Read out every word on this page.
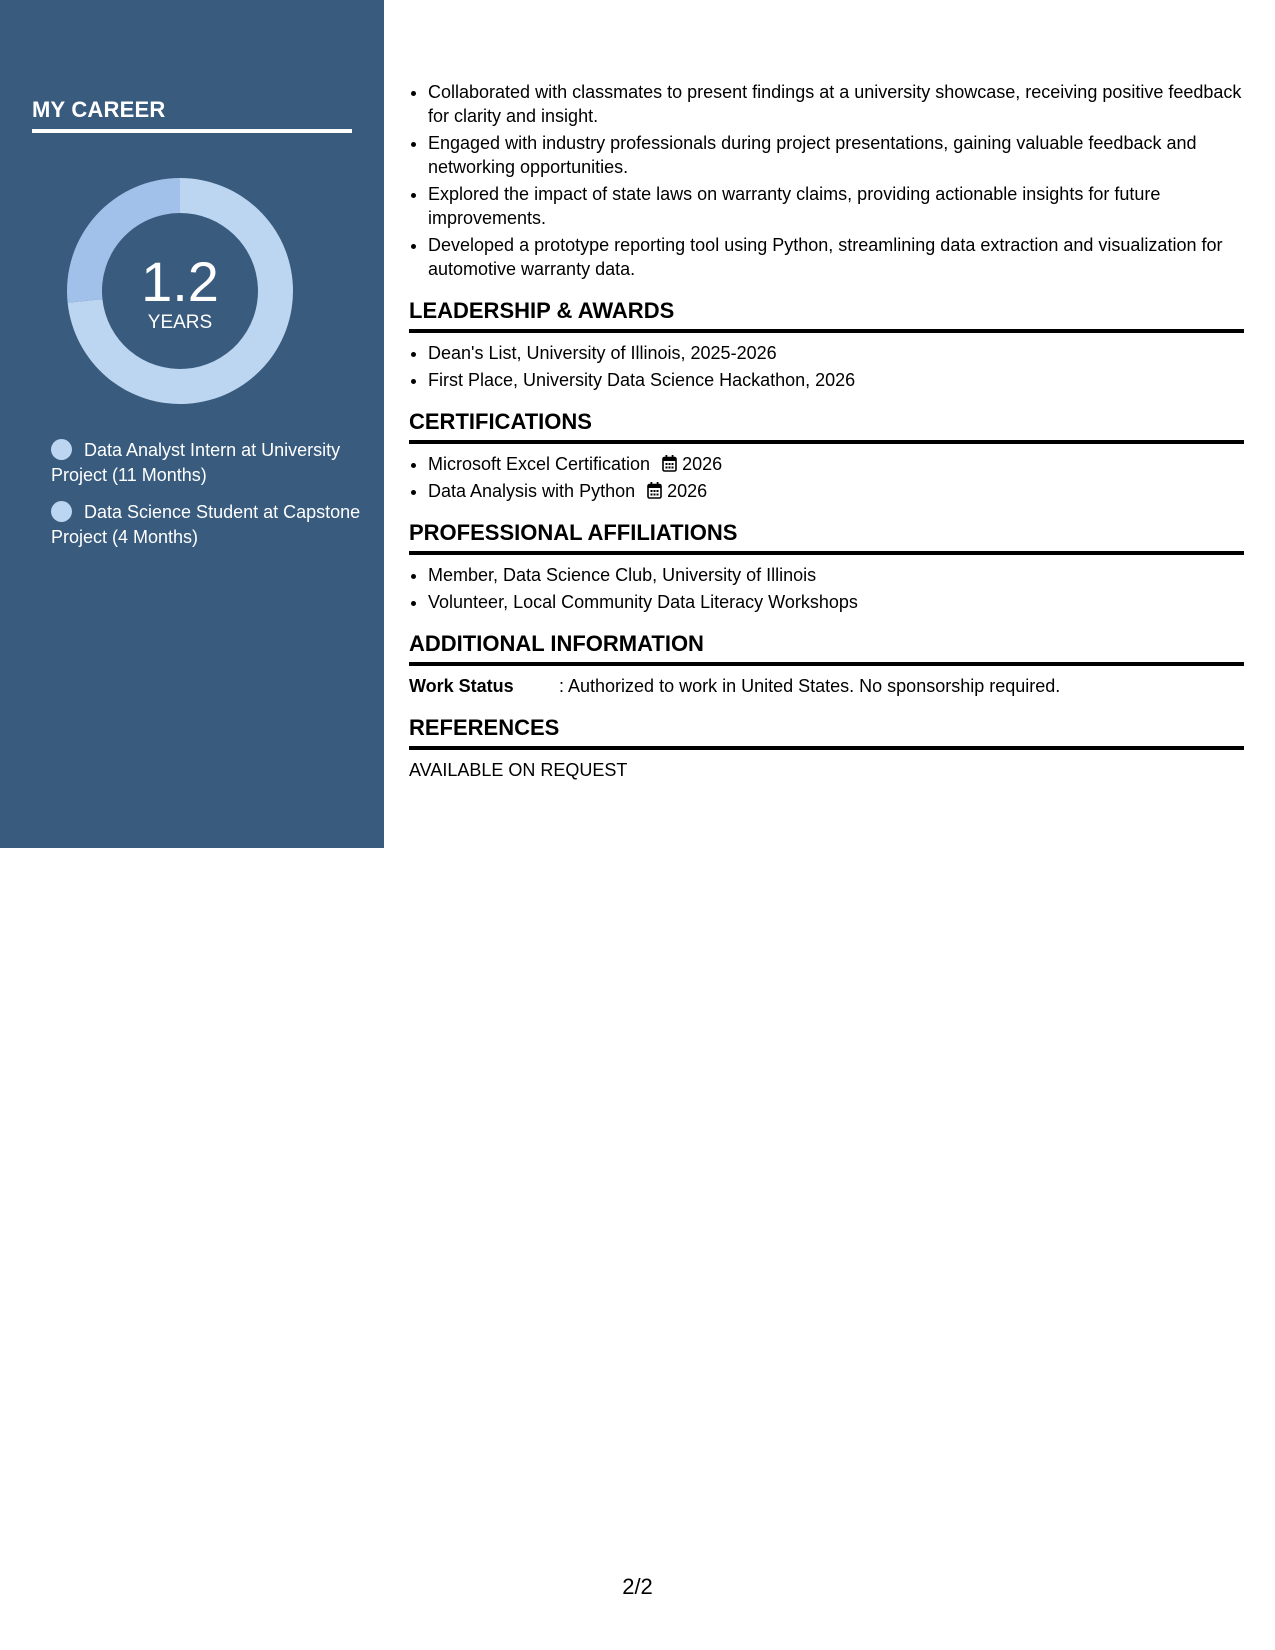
MY CAREER
1.2
YEARS
Data Analyst Intern at University Project (11 Months)
Data Science Student at Capstone Project (4 Months)
• Collaborated with classmates to present findings at a university showcase, receiving positive feedback for clarity and insight.
• Engaged with industry professionals during project presentations, gaining valuable feedback and networking opportunities.
• Explored the impact of state laws on warranty claims, providing actionable insights for future improvements.
• Developed a prototype reporting tool using Python, streamlining data extraction and visualization for automotive warranty data.
LEADERSHIP & AWARDS
• Dean's List, University of Illinois, 2025-2026
• First Place, University Data Science Hackathon, 2026
CERTIFICATIONS
• Microsoft Excel Certification 2026
• Data Analysis with Python 2026
PROFESSIONAL AFFILIATIONS
• Member, Data Science Club, University of Illinois
• Volunteer, Local Community Data Literacy Workshops
ADDITIONAL INFORMATION
Work Status	: Authorized to work in United States. No sponsorship required.
REFERENCES
AVAILABLE ON REQUEST
2/2
